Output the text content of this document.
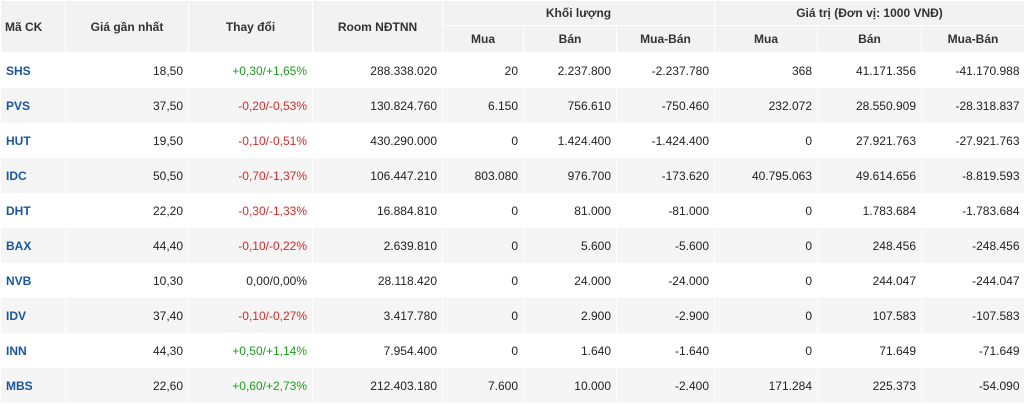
Mã CK	Giá gần nhất	Thay đổi	Room NĐTNN	Khối lượng			Giá trị (Đơn vị: 1000 VNĐ)		
				Mua	Bán	Mua-Bán	Mua	Bán	Mua-Bán
SHS	18,50	+0,30/+1,65%	288.338.020	20	2.237.800	-2.237.780	368	41.171.356	-41.170.988
PVS	37,50	-0,20/-0,53%	130.824.760	6.150	756.610	-750.460	232.072	28.550.909	-28.318.837
HUT	19,50	-0,10/-0,51%	430.290.000	0	1.424.400	-1.424.400	0	27.921.763	-27.921.763
IDC	50,50	-0,70/-1,37%	106.447.210	803.080	976.700	-173.620	40.795.063	49.614.656	-8.819.593
DHT	22,20	-0,30/-1,33%	16.884.810	0	81.000	-81.000	0	1.783.684	-1.783.684
BAX	44,40	-0,10/-0,22%	2.639.810	0	5.600	-5.600	0	248.456	-248.456
NVB	10,30	0,00/0,00%	28.118.420	0	24.000	-24.000	0	244.047	-244.047
IDV	37,40	-0,10/-0,27%	3.417.780	0	2.900	-2.900	0	107.583	-107.583
INN	44,30	+0,50/+1,14%	7.954.400	0	1.640	-1.640	0	71.649	-71.649
MBS	22,60	+0,60/+2,73%	212.403.180	7.600	10.000	-2.400	171.284	225.373	-54.090
